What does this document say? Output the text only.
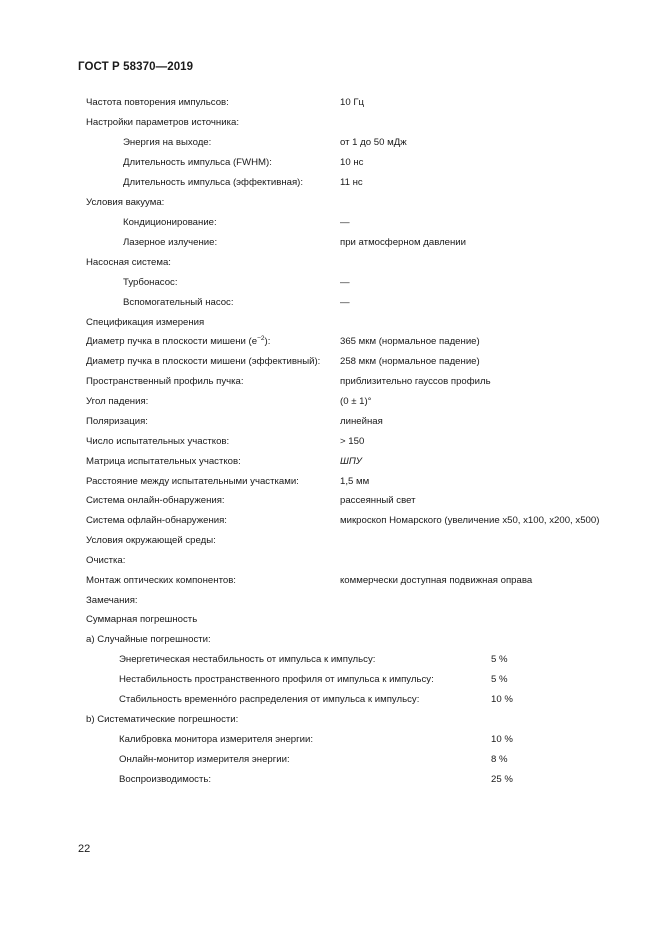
ГОСТ Р 58370—2019
Частота повторения импульсов:	10 Гц
Настройки параметров источника:
Энергия на выходе:	от 1 до 50 мДж
Длительность импульса (FWHM):	10 нс
Длительность импульса (эффективная):	11 нс
Условия вакуума:
Кондиционирование:	—
Лазерное излучение:	при атмосферном давлении
Насосная система:
Турбонасос:	—
Вспомогательный насос:	—
Спецификация измерения
Диаметр пучка в плоскости мишени $(e^{-2})$:	365 мкм (нормальное падение)
Диаметр пучка в плоскости мишени (эффективный): 258 мкм (нормальное падение)
Пространственный профиль пучка:	приблизительно гауссов профиль
Угол падения:	(0 ± 1)°
Поляризация:	линейная
Число испытательных участков:	> 150
Матрица испытательных участков:	ШПУ
Расстояние между испытательными участками:	1,5 мм
Система онлайн-обнаружения:	рассеянный свет
Система офлайн-обнаружения:	микроскоп Номарского (увеличение x50, x100, x200, x500)
Условия окружающей среды:
Очистка:
Монтаж оптических компонентов:	коммерчески доступная подвижная оправа
Замечания:
Суммарная погрешность
a) Случайные погрешности:
Энергетическая нестабильность от импульса к импульсу:	5 %
Нестабильность пространственного профиля от импульса к импульсу:	5 %
Стабильность временно́го распределения от импульса к импульсу:	10 %
b) Систематические погрешности:
Калибровка монитора измерителя энергии:	10 %
Онлайн-монитор измерителя энергии:	8 %
Воспроизводимость:	25 %
22
